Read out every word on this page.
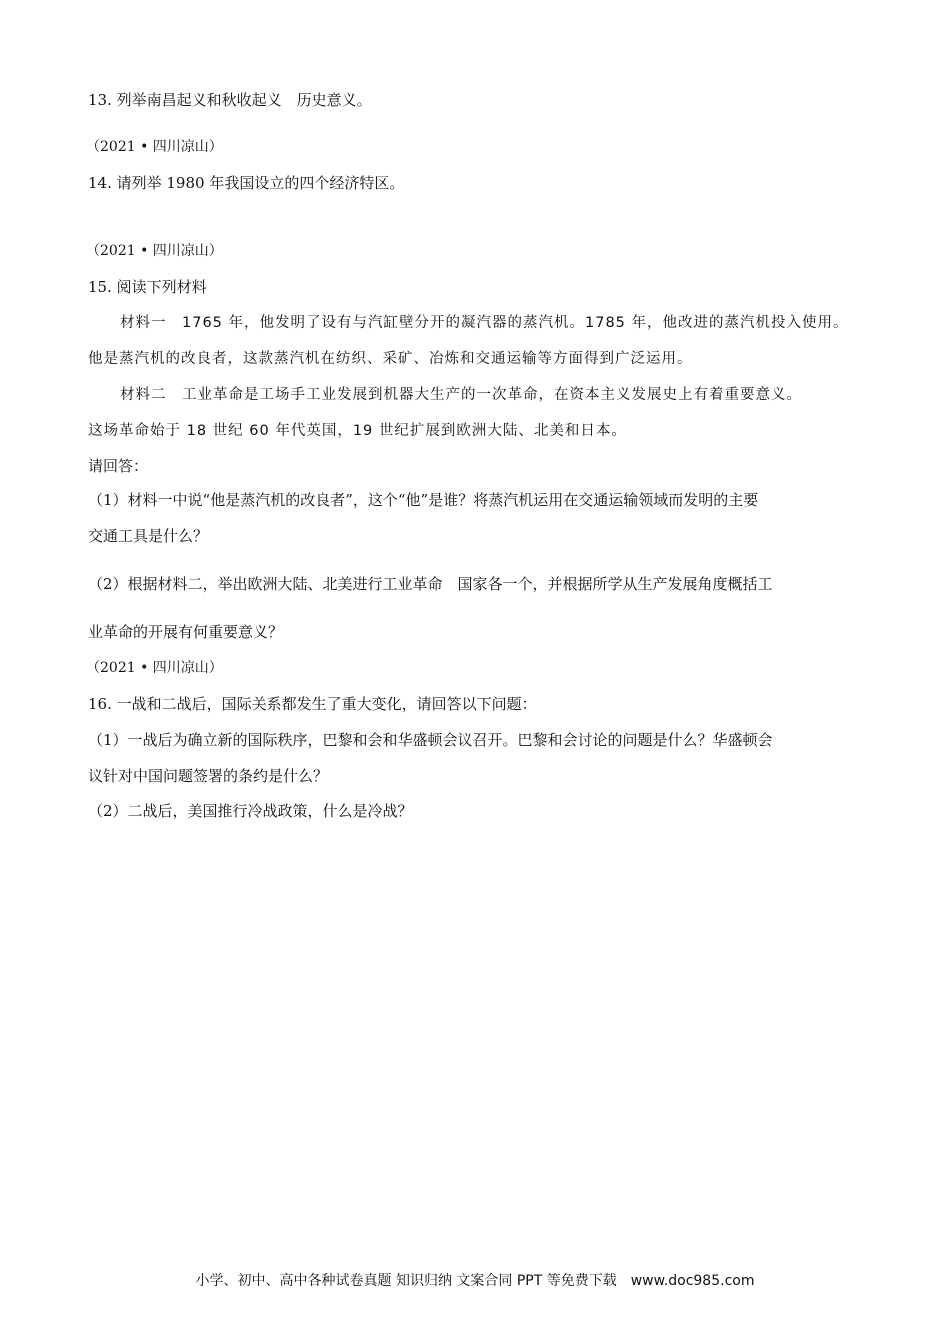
13. 列举南昌起义和秋收起义　历史意义。
（2021 • 四川凉山）
14. 请列举 1980 年我国设立的四个经济特区。
（2021 • 四川凉山）
15. 阅读下列材料
材料一　1765 年，他发明了设有与汽缸壁分开的凝汽器的蒸汽机。1785 年，他改进的蒸汽机投入使用。
他是蒸汽机的改良者，这款蒸汽机在纺织、采矿、冶炼和交通运输等方面得到广泛运用。
材料二　工业革命是工场手工业发展到机器大生产的一次革命，在资本主义发展史上有着重要意义。
这场革命始于 18 世纪 60 年代英国，19 世纪扩展到欧洲大陆、北美和日本。
请回答：
（1）材料一中说“他是蒸汽机的改良者”，这个“他”是谁？将蒸汽机运用在交通运输领域而发明的主要
交通工具是什么？
（2）根据材料二，举出欧洲大陆、北美进行工业革命　国家各一个，并根据所学从生产发展角度概括工
业革命的开展有何重要意义？
（2021 • 四川凉山）
16. 一战和二战后，国际关系都发生了重大变化，请回答以下问题：
（1）一战后为确立新的国际秩序，巴黎和会和华盛顿会议召开。巴黎和会讨论的问题是什么？华盛顿会
议针对中国问题签署的条约是什么？
（2）二战后，美国推行冷战政策，什么是冷战？
小学、初中、高中各种试卷真题 知识归纳 文案合同 PPT 等免费下载　www.doc985.com
